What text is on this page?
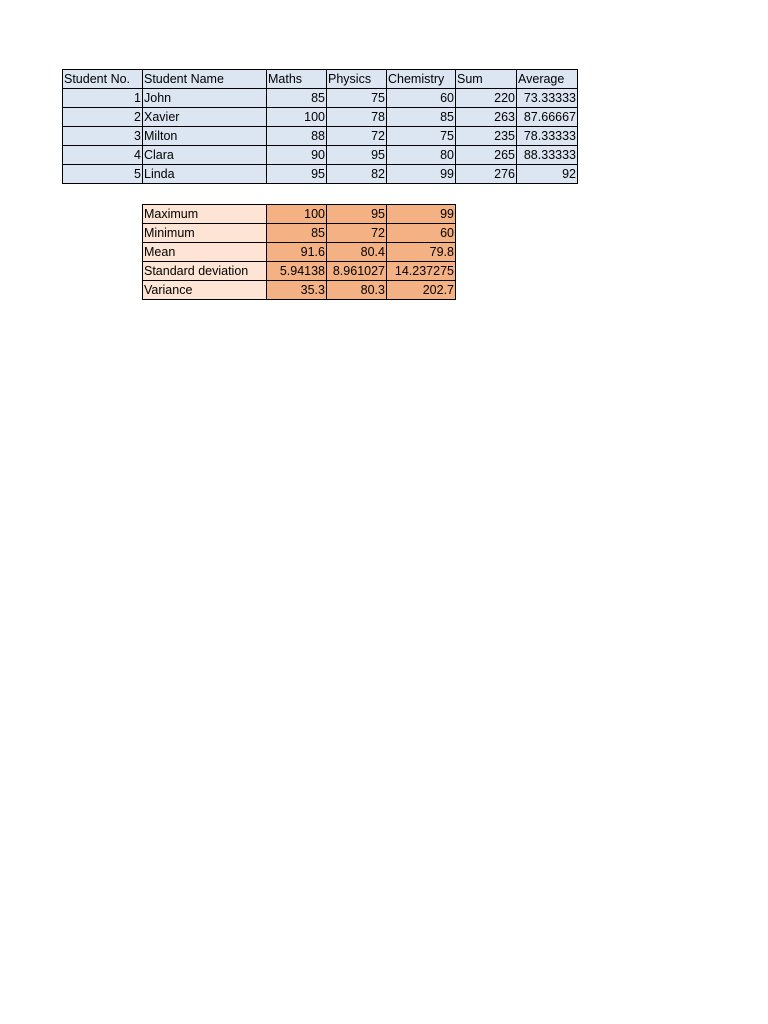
Student No.	Student Name	Maths	Physics	Chemistry	Sum	Average
1	John	85	75	60	220	73.33333
2	Xavier	100	78	85	263	87.66667
3	Milton	88	72	75	235	78.33333
4	Clara	90	95	80	265	88.33333
5	Linda	95	82	99	276	92
Maximum	100	95	99
Minimum	85	72	60
Mean	91.6	80.4	79.8
Standard deviation	5.94138	8.961027	14.237275
Variance	35.3	80.3	202.7
